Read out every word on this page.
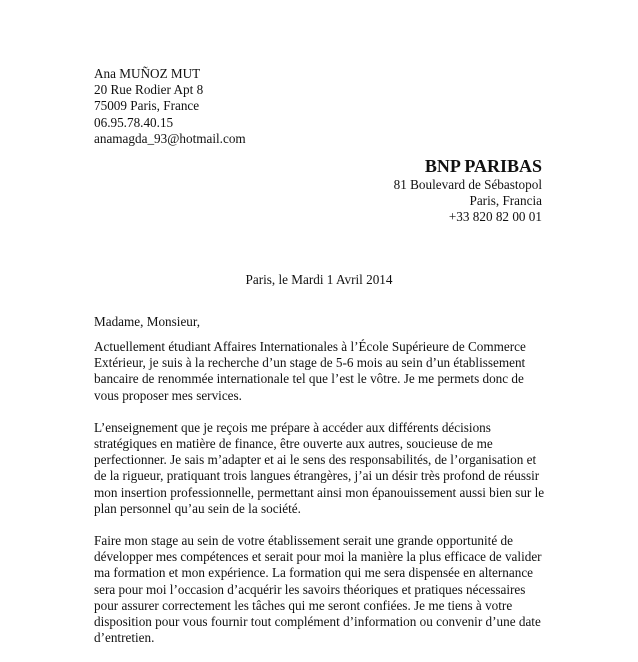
Ana MUÑOZ MUT
20 Rue Rodier Apt 8
75009 Paris, France
06.95.78.40.15
anamagda_93@hotmail.com
BNP PARIBAS
81 Boulevard de Sébastopol
Paris, Francia
+33 820 82 00 01
Paris, le Mardi 1 Avril 2014
Madame, Monsieur,
Actuellement étudiant Affaires Internationales à l’École Supérieure de Commerce
Extérieur, je suis à la recherche d’un stage de 5-6 mois au sein d’un établissement
bancaire de renommée internationale tel que l’est le vôtre. Je me permets donc de
vous proposer mes services.
L’enseignement que je reçois me prépare à accéder aux différents décisions
stratégiques en matière de finance, être ouverte aux autres, soucieuse de me
perfectionner. Je sais m’adapter et ai le sens des responsabilités, de l’organisation et
de la rigueur, pratiquant trois langues étrangères, j’ai un désir très profond de réussir
mon insertion professionnelle, permettant ainsi mon épanouissement aussi bien sur le
plan personnel qu’au sein de la société.
Faire mon stage au sein de votre établissement serait une grande opportunité de
développer mes compétences et serait pour moi la manière la plus efficace de valider
ma formation et mon expérience. La formation qui me sera dispensée en alternance
sera pour moi l’occasion d’acquérir les savoirs théoriques et pratiques nécessaires
pour assurer correctement les tâches qui me seront confiées. Je me tiens à votre
disposition pour vous fournir tout complément d’information ou convenir d’une date
d’entretien.
